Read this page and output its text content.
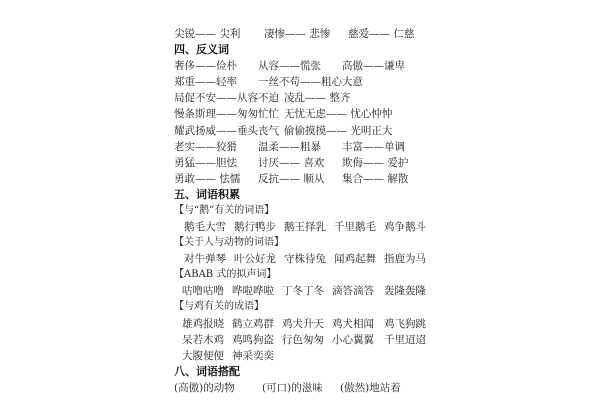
尖锐—— 尖利 凄惨—— 悲惨 慈爱—— 仁慈
四、反义词
奢侈——俭朴 从容——慌张 高傲——谦卑
郑重——轻率 一丝不苟——粗心大意
局促不安——从容不迫 凌乱—— 整齐
慢条斯理——匆匆忙忙 无忧无虑—— 忧心忡忡
耀武扬威——垂头丧气 偷偷摸摸—— 光明正大
老实——狡猾 温柔——粗暴 丰富——单调
勇猛——胆怯 讨厌—— 喜欢 欺侮—— 爱护
勇敢—— 怯懦 反抗—— 顺从 集合—— 解散
五、词语积累
【与“鹅”有关的词语】
鹅毛大雪 鹅行鸭步 鹅王择乳 千里鹅毛 鸡争鹅斗
【关于人与动物的词语】
对牛弹琴 叶公好龙 守株待兔 闻鸡起舞 指鹿为马
【ABAB 式的拟声词】
咕噜咕噜 哗啦哗啦 丁冬丁冬 滴答滴答 轰隆轰隆
【与鸡有关的成语】
雄鸡报晓 鹤立鸡群 鸡犬升天 鸡犬相闻 鸡飞狗跳
呆若木鸡 鸡鸣狗盗 行色匆匆 小心翼翼 千里迢迢
大腹便便 神采奕奕
八、词语搭配
(高傲)的动物	(可口)的滋味 (傲然)地站着
